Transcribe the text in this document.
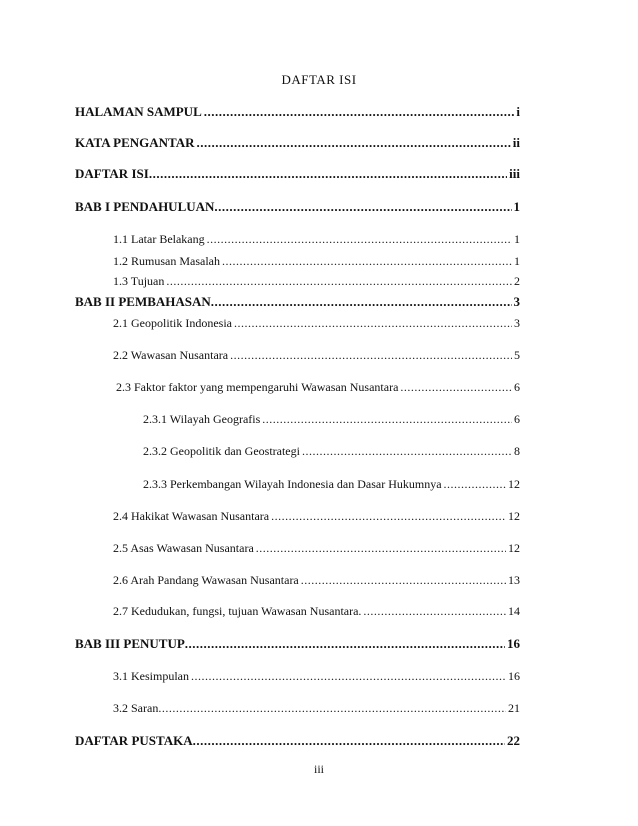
DAFTAR ISI
HALAMAN SAMPUL .....	i
KATA PENGANTAR .....	ii
DAFTAR ISI .....	iii
BAB I PENDAHULUAN .....	1
1.1 Latar Belakang .....	1
1.2 Rumusan Masalah .....	1
1.3 Tujuan .....	2
BAB II PEMBAHASAN .....	3
2.1 Geopolitik Indonesia .....	3
2.2 Wawasan Nusantara .....	5
2.3 Faktor faktor yang mempengaruhi Wawasan Nusantara .....	6
2.3.1 Wilayah Geografis .....	6
2.3.2 Geopolitik dan Geostrategi .....	8
2.3.3 Perkembangan Wilayah Indonesia dan Dasar Hukumnya .....	12
2.4 Hakikat Wawasan Nusantara .....	12
2.5 Asas Wawasan Nusantara .....	12
2.6 Arah Pandang Wawasan Nusantara .....	13
2.7 Kedudukan, fungsi, tujuan Wawasan Nusantara. .....	14
BAB III PENUTUP .....	16
3.1 Kesimpulan .....	16
3.2 Saran .....	21
DAFTAR PUSTAKA .....	22
iii
